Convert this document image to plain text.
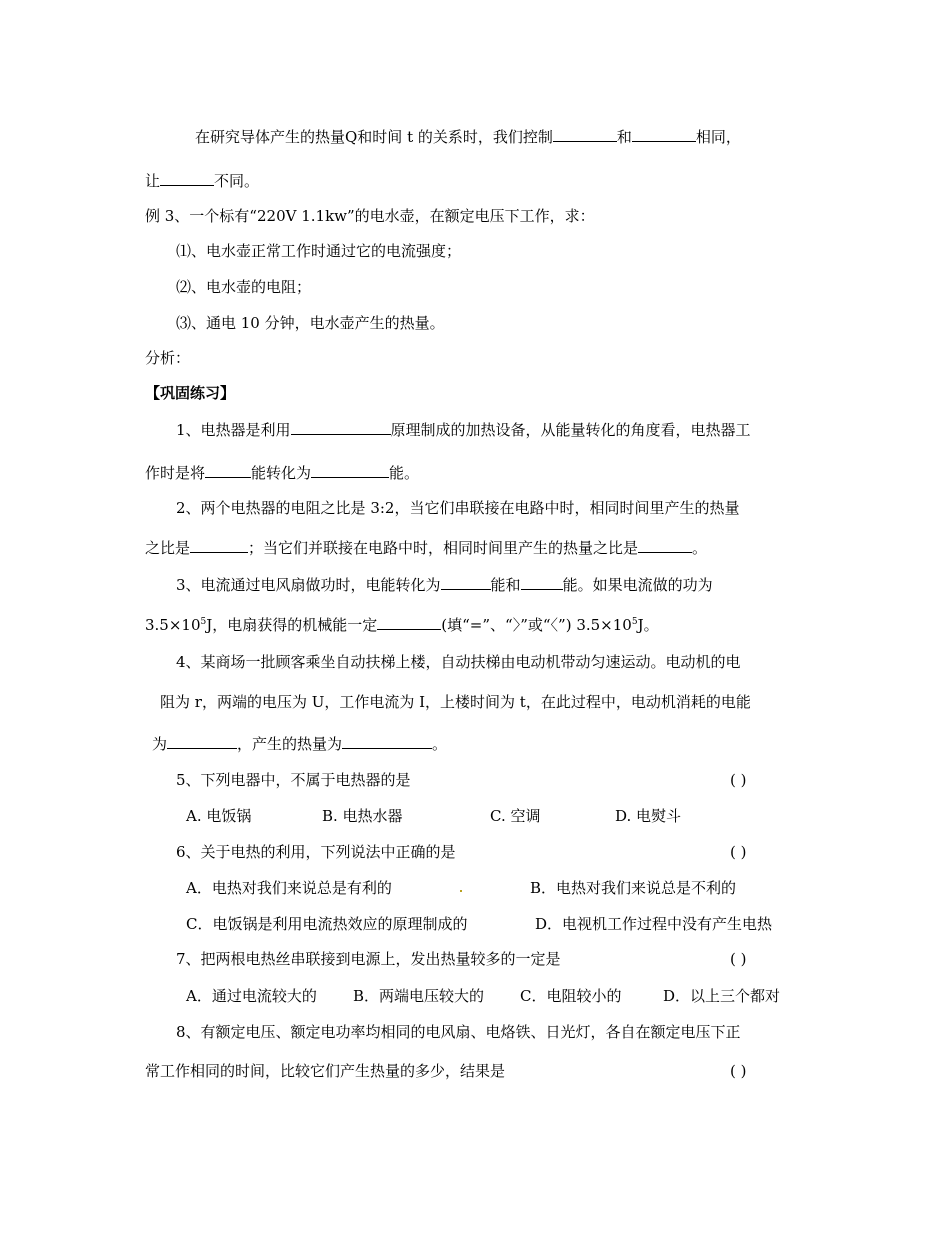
在研究导体产生的热量Q和时间 t 的关系时，我们控制	和	相同，
让	不同。
例 3、一个标有“220V 1.1kw”的电水壶，在额定电压下工作，求：
⑴、电水壶正常工作时通过它的电流强度；
⑵、电水壶的电阻；
⑶、通电 10 分钟，电水壶产生的热量。
分析：
【巩固练习】
1、电热器是利用	原理制成的加热设备，从能量转化的角度看，电热器工
作时是将	能转化为	能。
2、两个电热器的电阻之比是 3:2，当它们串联接在电路中时，相同时间里产生的热量
之比是	；当它们并联接在电路中时，相同时间里产生的热量之比是	。
3、电流通过电风扇做功时，电能转化为	能和	能。如果电流做的功为
$3.5\times 10^5J$，电扇获得的机械能一定	(填“=”、“〉”或“〈”) $3.5\times 10^5J$。
4、某商场一批顾客乘坐自动扶梯上楼，自动扶梯由电动机带动匀速运动。电动机的电
阻为 r，两端的电压为 U，工作电流为 I，上楼时间为 t，在此过程中，电动机消耗的电能
为	，产生的热量为	。
5、下列电器中，不属于电热器的是	( )
A. 电饭锅	B. 电热水器	C. 空调	D. 电熨斗
6、关于电热的利用，下列说法中正确的是	( )
A．电热对我们来说总是有利的	B．电热对我们来说总是不利的
C．电饭锅是利用电流热效应的原理制成的	D．电视机工作过程中没有产生电热
7、把两根电热丝串联接到电源上，发出热量较多的一定是	( )
A．通过电流较大的 B．两端电压较大的 C．电阻较小的	D．以上三个都对
8、有额定电压、额定电功率均相同的电风扇、电烙铁、日光灯，各自在额定电压下正
常工作相同的时间，比较它们产生热量的多少，结果是	( )
